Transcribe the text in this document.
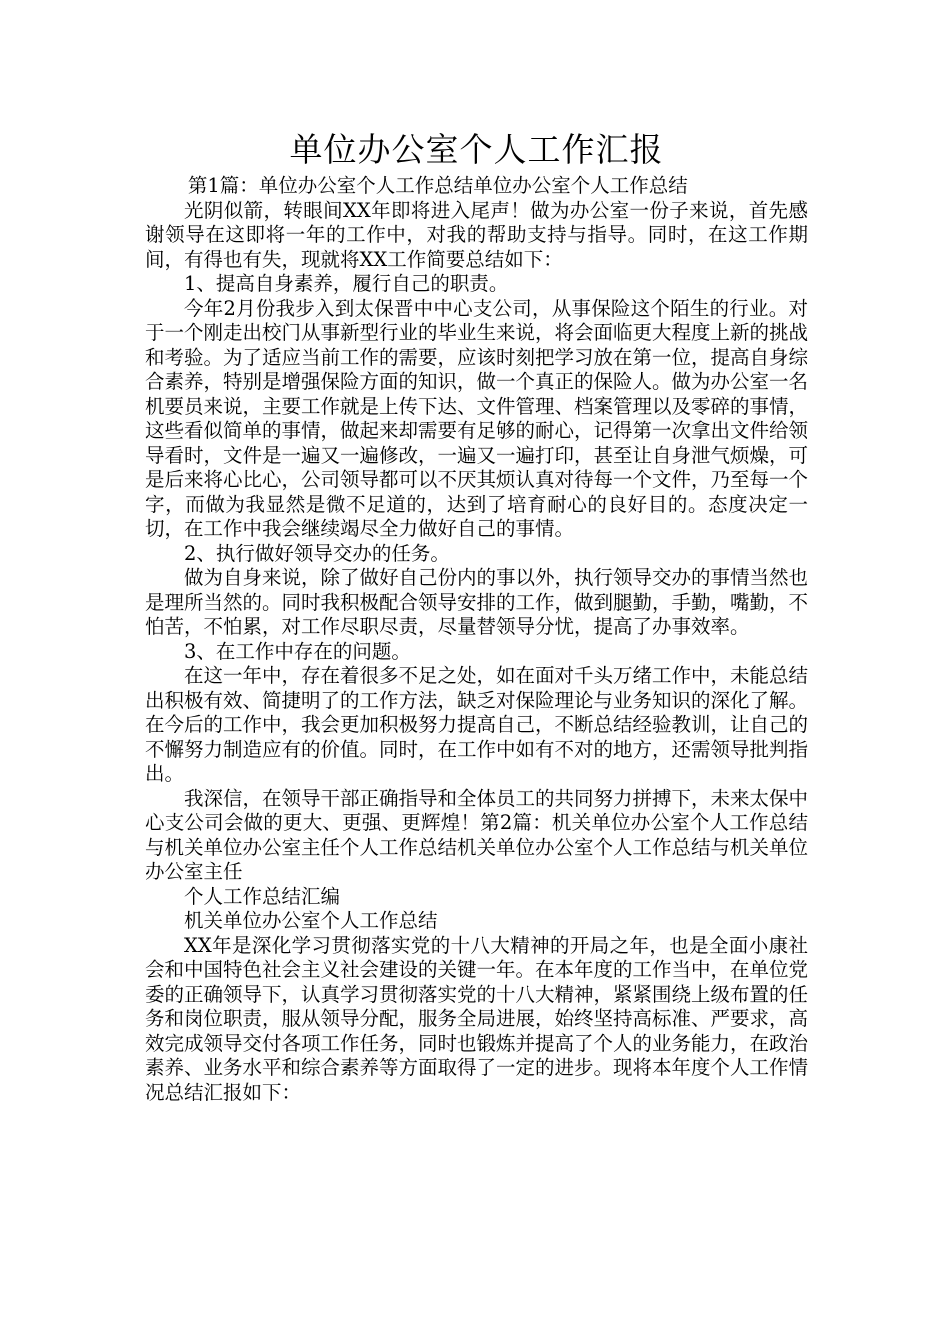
单位办公室个人工作汇报

第1篇：单位办公室个人工作总结单位办公室个人工作总结

光阴似箭，转眼间XX年即将进入尾声！做为办公室一份子来说，首先感谢领导在这即将一年的工作中，对我的帮助支持与指导。同时，在这工作期间，有得也有失，现就将XX工作简要总结如下：

1、提高自身素养，履行自己的职责。

今年2月份我步入到太保晋中中心支公司，从事保险这个陌生的行业。对于一个刚走出校门从事新型行业的毕业生来说，将会面临更大程度上新的挑战和考验。为了适应当前工作的需要，应该时刻把学习放在第一位，提高自身综合素养，特别是增强保险方面的知识，做一个真正的保险人。做为办公室一名机要员来说，主要工作就是上传下达、文件管理、档案管理以及零碎的事情，这些看似简单的事情，做起来却需要有足够的耐心，记得第一次拿出文件给领导看时，文件是一遍又一遍修改，一遍又一遍打印，甚至让自身泄气烦燥，可是后来将心比心，公司领导都可以不厌其烦认真对待每一个文件，乃至每一个字，而做为我显然是微不足道的，达到了培育耐心的良好目的。态度决定一切，在工作中我会继续竭尽全力做好自己的事情。

2、执行做好领导交办的任务。

做为自身来说，除了做好自己份内的事以外，执行领导交办的事情当然也是理所当然的。同时我积极配合领导安排的工作，做到腿勤，手勤，嘴勤，不怕苦，不怕累，对工作尽职尽责，尽量替领导分忧，提高了办事效率。

3、在工作中存在的问题。

在这一年中，存在着很多不足之处，如在面对千头万绪工作中，未能总结出积极有效、简捷明了的工作方法，缺乏对保险理论与业务知识的深化了解。在今后的工作中，我会更加积极努力提高自己，不断总结经验教训，让自己的不懈努力制造应有的价值。同时，在工作中如有不对的地方，还需领导批判指出。

我深信，在领导干部正确指导和全体员工的共同努力拼搏下，未来太保中心支公司会做的更大、更强、更辉煌！第2篇：机关单位办公室个人工作总结与机关单位办公室主任个人工作总结机关单位办公室个人工作总结与机关单位办公室主任

个人工作总结汇编

机关单位办公室个人工作总结

XX年是深化学习贯彻落实党的十八大精神的开局之年，也是全面小康社会和中国特色社会主义社会建设的关键一年。在本年度的工作当中，在单位党委的正确领导下，认真学习贯彻落实党的十八大精神，紧紧围绕上级布置的任务和岗位职责，服从领导分配，服务全局进展，始终坚持高标准、严要求，高效完成领导交付各项工作任务，同时也锻炼并提高了个人的业务能力，在政治素养、业务水平和综合素养等方面取得了一定的进步。现将本年度个人工作情况总结汇报如下：
